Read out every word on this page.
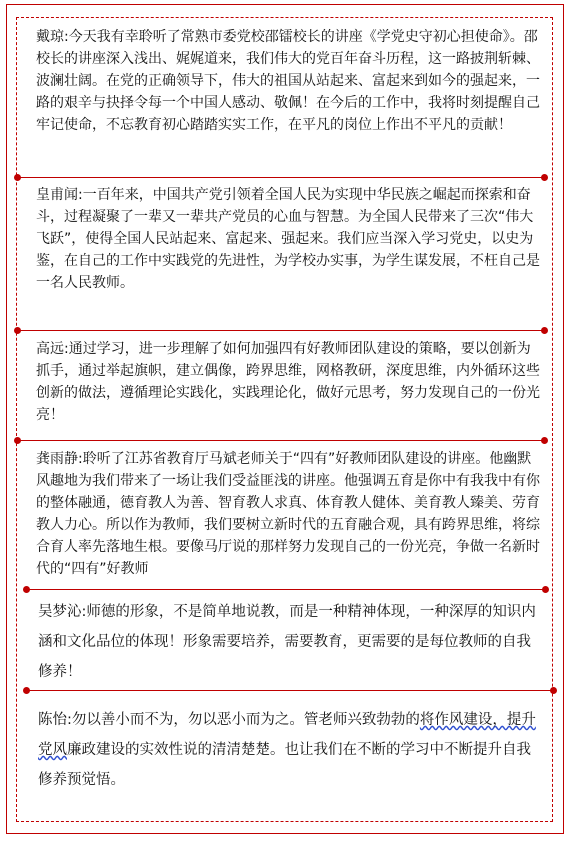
戴琼:今天我有幸聆听了常熟市委党校邵镭校长的讲座《学党史守初心担使命》。邵校长的讲座深入浅出、娓娓道来，我们伟大的党百年奋斗历程，这一路披荆斩棘、波澜壮阔。在党的正确领导下，伟大的祖国从站起来、富起来到如今的强起来，一路的艰辛与抉择令每一个中国人感动、敬佩！在今后的工作中，我将时刻提醒自己牢记使命，不忘教育初心踏踏实实工作，在平凡的岗位上作出不平凡的贡献！

皇甫闻:一百年来，中国共产党引领着全国人民为实现中华民族之崛起而探索和奋斗，过程凝聚了一辈又一辈共产党员的心血与智慧。为全国人民带来了三次“伟大飞跃”，使得全国人民站起来、富起来、强起来。我们应当深入学习党史，以史为鉴，在自己的工作中实践党的先进性，为学校办实事，为学生谋发展，不枉自己是一名人民教师。

高远:通过学习，进一步理解了如何加强四有好教师团队建设的策略，要以创新为抓手，通过举起旗帜，建立偶像，跨界思维，网格教研，深度思维，内外循环这些创新的做法，遵循理论实践化，实践理论化，做好元思考，努力发现自己的一份光亮！

龚雨静:聆听了江苏省教育厅马斌老师关于“四有”好教师团队建设的讲座。他幽默风趣地为我们带来了一场让我们受益匪浅的讲座。他强调五育是你中有我我中有你的整体融通，德育教人为善、智育教人求真、体育教人健体、美育教人臻美、劳育教人力心。所以作为教师，我们要树立新时代的五育融合观，具有跨界思维，将综合育人率先落地生根。要像马厅说的那样努力发现自己的一份光亮，争做一名新时代的“四有”好教师

吴梦沁:师德的形象，不是简单地说教，而是一种精神体现，一种深厚的知识内涵和文化品位的体现！形象需要培养，需要教育，更需要的是每位教师的自我修养！

陈怡:勿以善小而不为，勿以恶小而为之。管老师兴致勃勃的将作风建设，提升党风廉政建设的实效性说的清清楚楚。也让我们在不断的学习中不断提升自我修养预觉悟。
